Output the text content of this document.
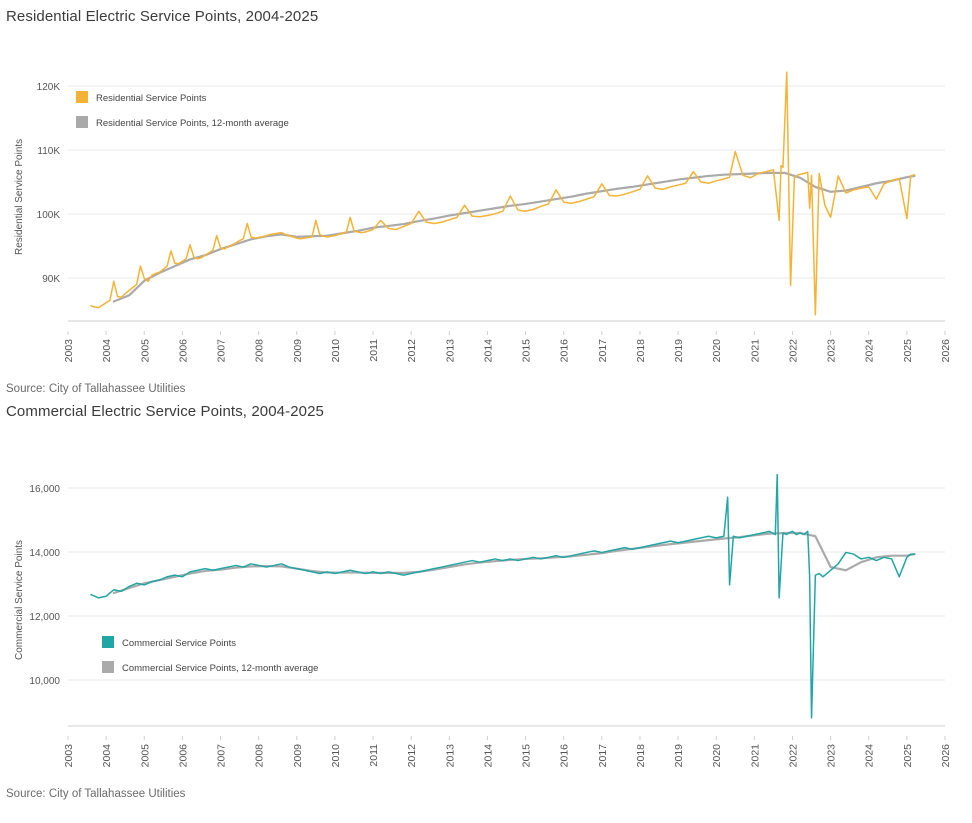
Residential Electric Service Points, 2004-2025
Residential Service Points
120K
110K
100K
90K
2003 2004 2005 2006 2007 2008 2009 2010 2011 2012 2013 2014 2015 2016 2017 2018 2019 2020 2021 2022 2023 2024 2025 2026
Residential Service Points
Residential Service Points, 12-month average
Source: City of Tallahassee Utilities
Commercial Electric Service Points, 2004-2025
Commercial Service Points
16,000
14,000
12,000
10,000
2003 2004 2005 2006 2007 2008 2009 2010 2011 2012 2013 2014 2015 2016 2017 2018 2019 2020 2021 2022 2023 2024 2025 2026
Commercial Service Points
Commercial Service Points, 12-month average
Source: City of Tallahassee Utilities
